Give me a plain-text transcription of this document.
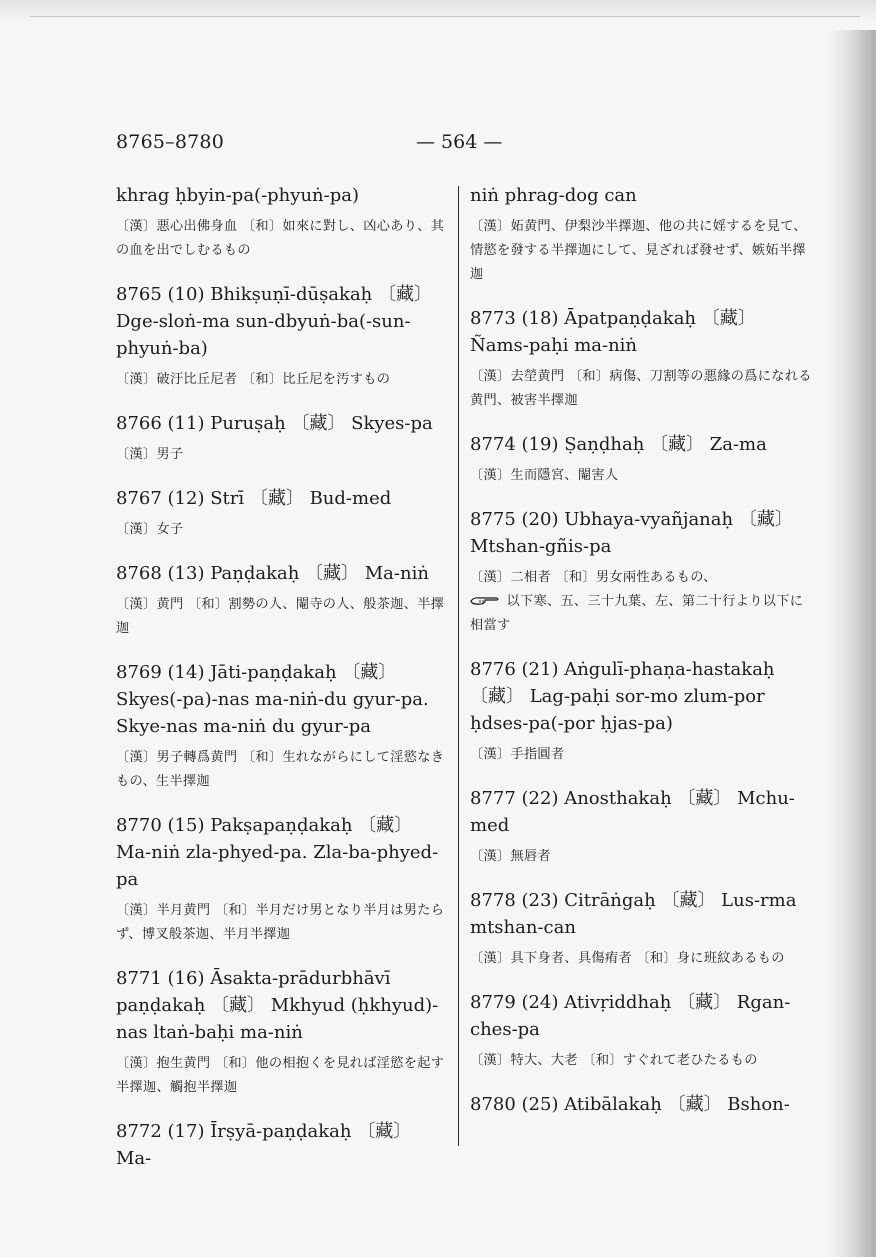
8765–8780	— 564 —

khrag ḥbyin-pa(-phyuṅ-pa)

〔漢〕悪心出佛身血 〔和〕如來に對し、凶心あり、其の血を出でしむるもの

8765 (10) Bhikṣuṇī-dūṣakaḥ 〔藏〕 Dge-sloṅ-ma sun-dbyuṅ-ba(-sun-phyuṅ-ba)

〔漢〕破汙比丘尼者 〔和〕比丘尼を汚すもの

8766 (11) Puruṣaḥ 〔藏〕 Skyes-pa

〔漢〕男子

8767 (12) Strī 〔藏〕 Bud-med

〔漢〕女子

8768 (13) Paṇḍakaḥ 〔藏〕 Ma-niṅ

〔漢〕黄門 〔和〕割勢の人、閹寺の人、般茶迦、半擇迦

8769 (14) Jāti-paṇḍakaḥ 〔藏〕 Skyes(-pa)-nas ma-niṅ-du gyur-pa. Skye-nas ma-niṅ du gyur-pa

〔漢〕男子轉爲黄門 〔和〕生れながらにして淫慾なきもの、生半擇迦

8770 (15) Pakṣapaṇḍakaḥ 〔藏〕 Ma-niṅ zla-phyed-pa. Zla-ba-phyed-pa

〔漢〕半月黄門 〔和〕半月だけ男となり半月は男たらず、博叉般茶迦、半月半擇迦

8771 (16) Āsakta-prādurbhāvī paṇḍakaḥ 〔藏〕 Mkhyud (ḥkhyud)-nas ltaṅ-baḥi ma-niṅ

〔漢〕抱生黄門 〔和〕他の相抱くを見れば淫慾を起す半擇迦、觸抱半擇迦

8772 (17) Īrṣyā-paṇḍakaḥ 〔藏〕 Ma-

niṅ phrag-dog can

〔漢〕妬黄門、伊梨沙半擇迦、他の共に婬するを見て、情慾を發する半擇迦にして、見ざれば發せず、嫉妬半擇迦

8773 (18) Āpatpaṇḍakaḥ 〔藏〕 Ñams-paḥi ma-niṅ

〔漢〕去塋黄門 〔和〕病傷、刀割等の悪緣の爲になれる黄門、被害半擇迦

8774 (19) Ṣaṇḍhaḥ 〔藏〕 Za-ma

〔漢〕生而隱宮、閹害人

8775 (20) Ubhaya-vyañjanaḥ 〔藏〕 Mtshan-gñis-pa

〔漢〕二相者 〔和〕男女兩性あるもの、
以下寒、五、三十九葉、左、第二十行より以下に相當す

8776 (21) Aṅgulī-phaṇa-hastakaḥ 〔藏〕 Lag-paḥi sor-mo zlum-por ḥdses-pa(-por ḥjas-pa)

〔漢〕手指圓者

8777 (22) Anosthakaḥ 〔藏〕 Mchu-med

〔漢〕無唇者

8778 (23) Citrāṅgaḥ 〔藏〕 Lus-rma mtshan-can

〔漢〕具下身者、具傷痏者 〔和〕身に班紋あるもの

8779 (24) Ativṛiddhaḥ 〔藏〕 Rgan-ches-pa

〔漢〕特大、大老 〔和〕すぐれて老ひたるもの

8780 (25) Atibālakaḥ 〔藏〕 Bshon-
